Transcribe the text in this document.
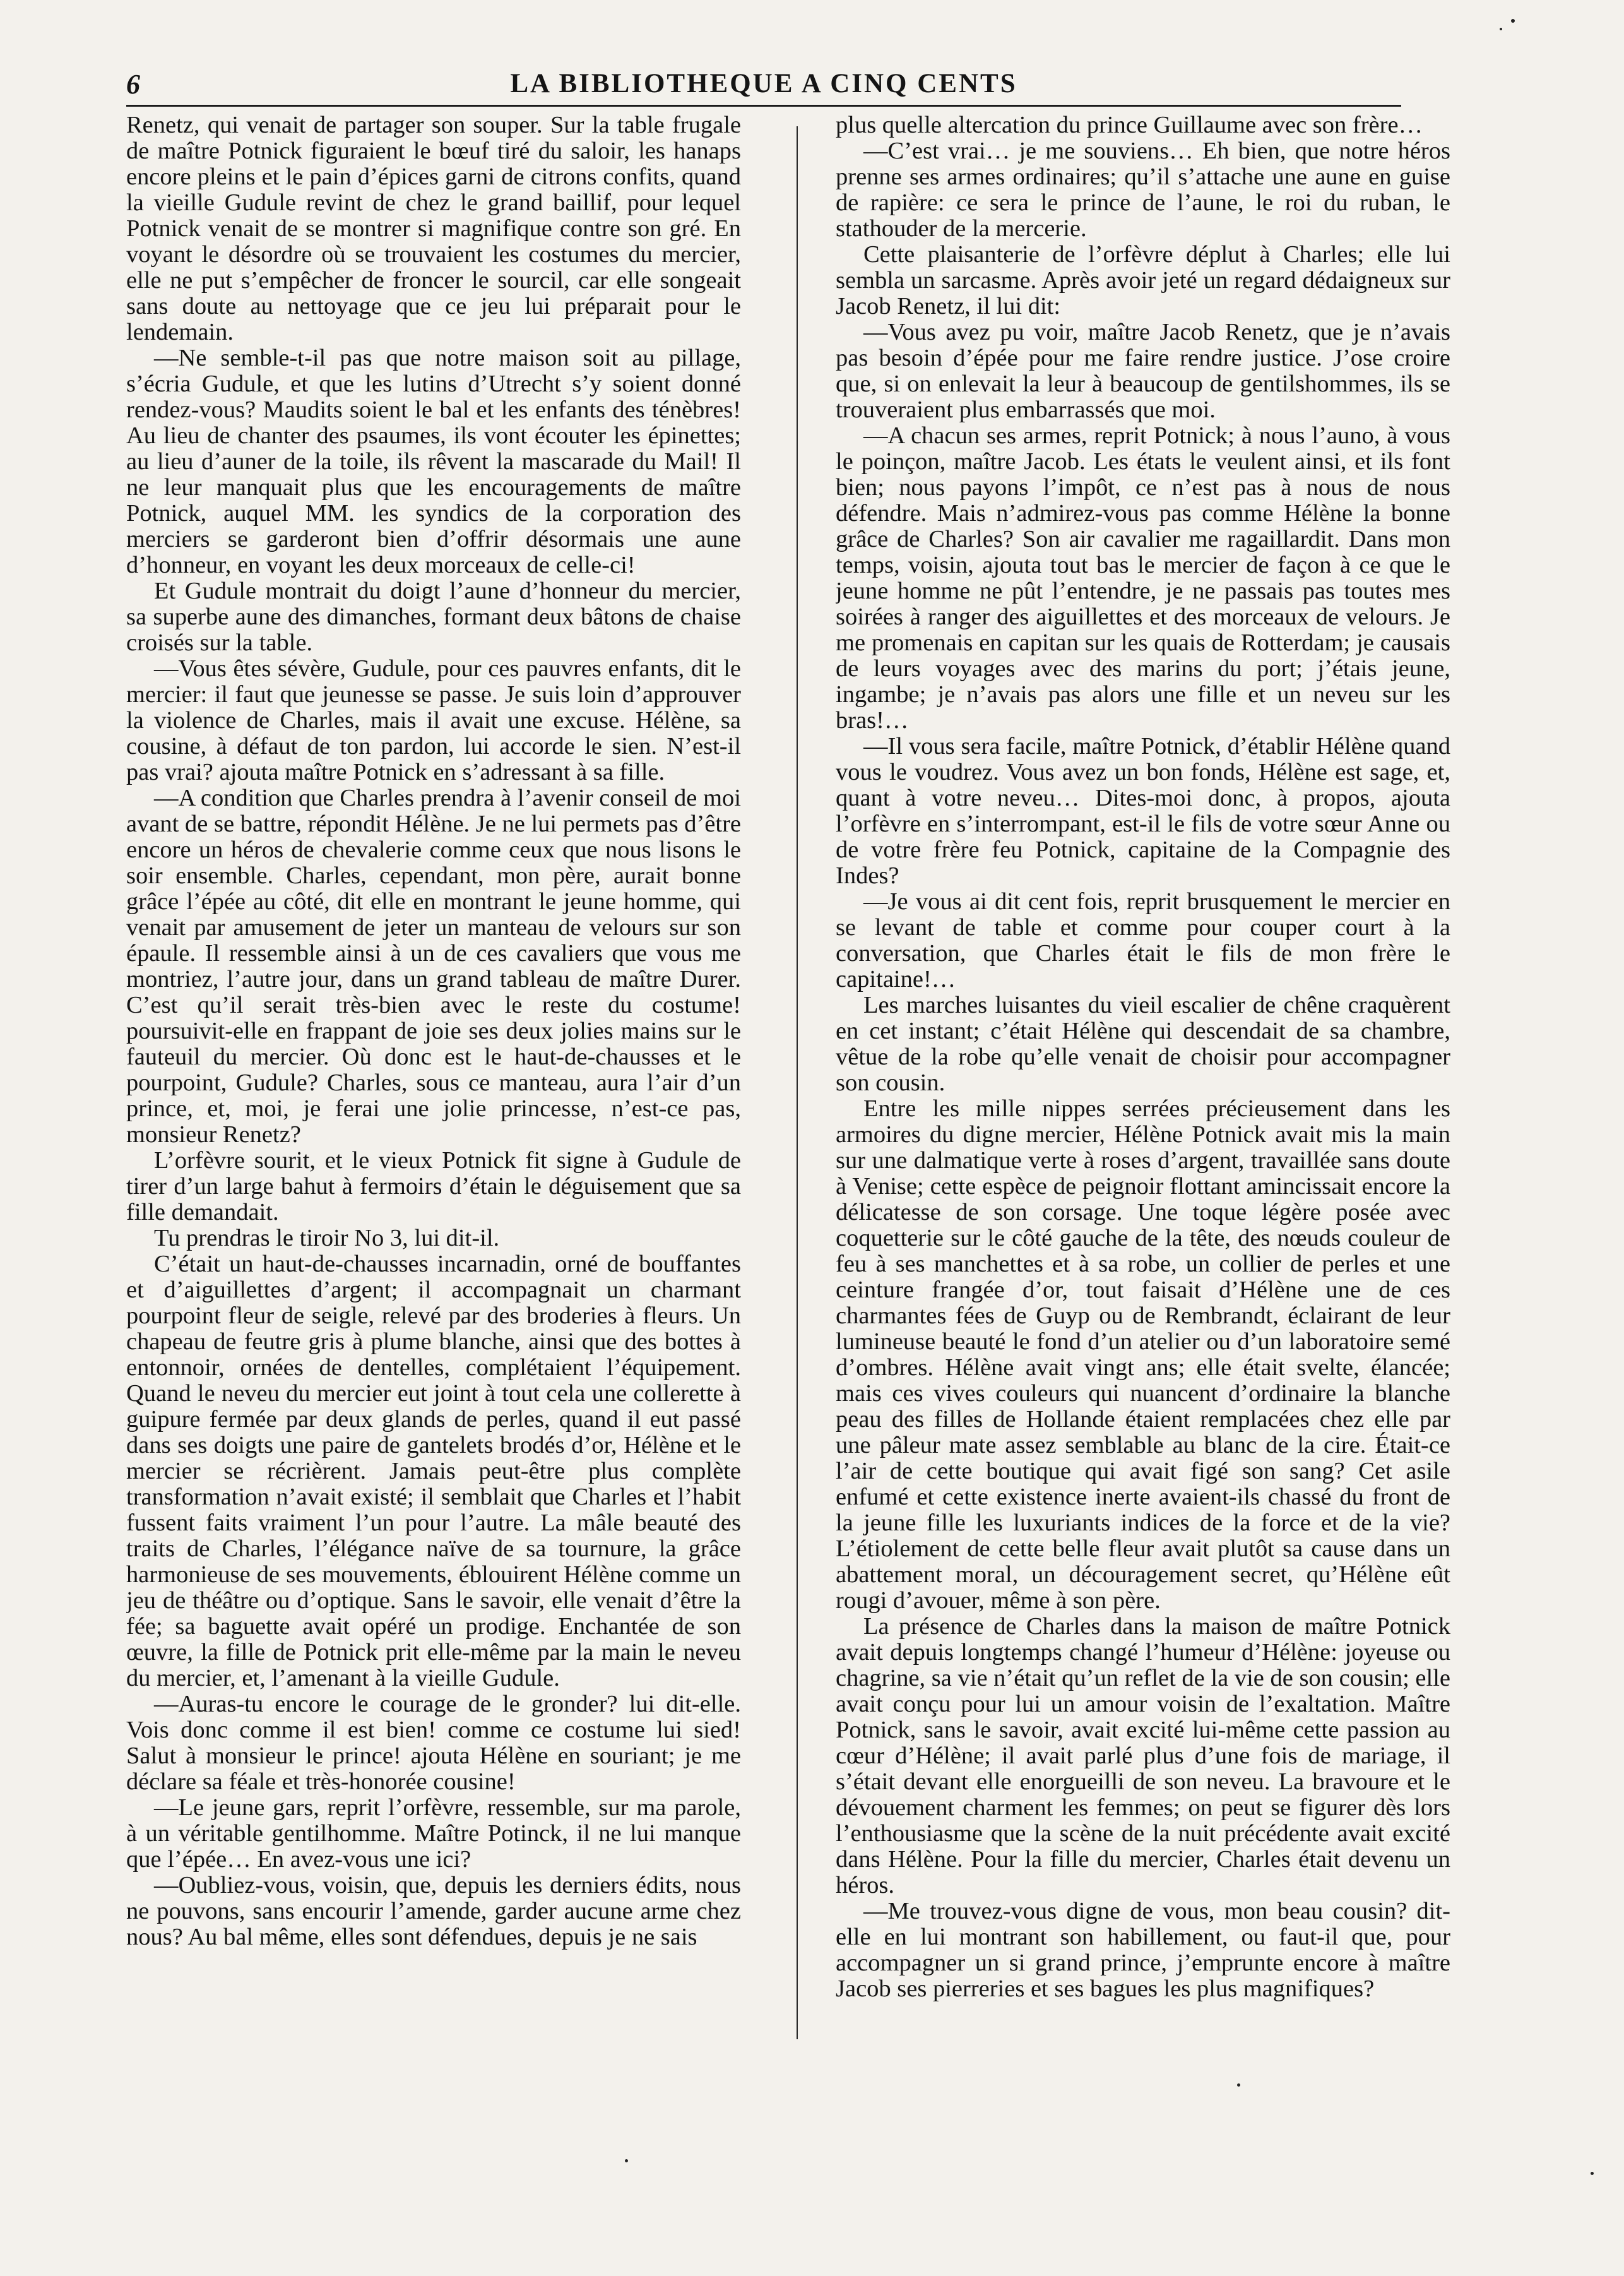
6	LA BIBLIOTHEQUE A CINQ CENTS

Renetz, qui venait de partager son souper. Sur la table frugale de maître Potnick figuraient le bœuf tiré du saloir, les hanaps encore pleins et le pain d’épices garni de citrons confits, quand la vieille Gudule revint de chez le grand baillif, pour lequel Potnick venait de se montrer si magnifique contre son gré. En voyant le désordre où se trouvaient les costumes du mercier, elle ne put s’empêcher de froncer le sourcil, car elle songeait sans doute au nettoyage que ce jeu lui préparait pour le lendemain.

—Ne semble-t-il pas que notre maison soit au pillage, s’écria Gudule, et que les lutins d’Utrecht s’y soient donné rendez-vous? Maudits soient le bal et les enfants des ténèbres! Au lieu de chanter des psaumes, ils vont écouter les épinettes; au lieu d’auner de la toile, ils rêvent la mascarade du Mail! Il ne leur manquait plus que les encouragements de maître Potnick, auquel MM. les syndics de la corporation des merciers se garderont bien d’offrir désormais une aune d’honneur, en voyant les deux morceaux de celle-ci!

Et Gudule montrait du doigt l’aune d’honneur du mercier, sa superbe aune des dimanches, formant deux bâtons de chaise croisés sur la table.

—Vous êtes sévère, Gudule, pour ces pauvres enfants, dit le mercier: il faut que jeunesse se passe. Je suis loin d’approuver la violence de Charles, mais il avait une excuse. Hélène, sa cousine, à défaut de ton pardon, lui accorde le sien. N’est-il pas vrai? ajouta maître Potnick en s’adressant à sa fille.

—A condition que Charles prendra à l’avenir conseil de moi avant de se battre, répondit Hélène. Je ne lui permets pas d’être encore un héros de chevalerie comme ceux que nous lisons le soir ensemble. Charles, cependant, mon père, aurait bonne grâce l’épée au côté, dit elle en montrant le jeune homme, qui venait par amusement de jeter un manteau de velours sur son épaule. Il ressemble ainsi à un de ces cavaliers que vous me montriez, l’autre jour, dans un grand tableau de maître Durer. C’est qu’il serait très-bien avec le reste du costume! poursuivit-elle en frappant de joie ses deux jolies mains sur le fauteuil du mercier. Où donc est le haut-de-chausses et le pourpoint, Gudule? Charles, sous ce manteau, aura l’air d’un prince, et, moi, je ferai une jolie princesse, n’est-ce pas, monsieur Renetz?

L’orfèvre sourit, et le vieux Potnick fit signe à Gudule de tirer d’un large bahut à fermoirs d’étain le déguisement que sa fille demandait.

Tu prendras le tiroir No 3, lui dit-il.

C’était un haut-de-chausses incarnadin, orné de bouffantes et d’aiguillettes d’argent; il accompagnait un charmant pourpoint fleur de seigle, relevé par des broderies à fleurs. Un chapeau de feutre gris à plume blanche, ainsi que des bottes à entonnoir, ornées de dentelles, complétaient l’équipement. Quand le neveu du mercier eut joint à tout cela une collerette à guipure fermée par deux glands de perles, quand il eut passé dans ses doigts une paire de gantelets brodés d’or, Hélène et le mercier se récrièrent. Jamais peut-être plus complète transformation n’avait existé; il semblait que Charles et l’habit fussent faits vraiment l’un pour l’autre. La mâle beauté des traits de Charles, l’élégance naïve de sa tournure, la grâce harmonieuse de ses mouvements, éblouirent Hélène comme un jeu de théâtre ou d’optique. Sans le savoir, elle venait d’être la fée; sa baguette avait opéré un prodige. Enchantée de son œuvre, la fille de Potnick prit elle-même par la main le neveu du mercier, et, l’amenant à la vieille Gudule.

—Auras-tu encore le courage de le gronder? lui dit-elle. Vois donc comme il est bien! comme ce costume lui sied! Salut à monsieur le prince! ajouta Hélène en souriant; je me déclare sa féale et très-honorée cousine!

—Le jeune gars, reprit l’orfèvre, ressemble, sur ma parole, à un véritable gentilhomme. Maître Potinck, il ne lui manque que l’épée… En avez-vous une ici?

—Oubliez-vous, voisin, que, depuis les derniers édits, nous ne pouvons, sans encourir l’amende, garder aucune arme chez nous? Au bal même, elles sont défendues, depuis je ne sais

plus quelle altercation du prince Guillaume avec son frère…

—C’est vrai… je me souviens… Eh bien, que notre héros prenne ses armes ordinaires; qu’il s’attache une aune en guise de rapière: ce sera le prince de l’aune, le roi du ruban, le stathouder de la mercerie.

Cette plaisanterie de l’orfèvre déplut à Charles; elle lui sembla un sarcasme. Après avoir jeté un regard dédaigneux sur Jacob Renetz, il lui dit:

—Vous avez pu voir, maître Jacob Renetz, que je n’avais pas besoin d’épée pour me faire rendre justice. J’ose croire que, si on enlevait la leur à beaucoup de gentilshommes, ils se trouveraient plus embarrassés que moi.

—A chacun ses armes, reprit Potnick; à nous l’auno, à vous le poinçon, maître Jacob. Les états le veulent ainsi, et ils font bien; nous payons l’impôt, ce n’est pas à nous de nous défendre. Mais n’admirez-vous pas comme Hélène la bonne grâce de Charles? Son air cavalier me ragaillardit. Dans mon temps, voisin, ajouta tout bas le mercier de façon à ce que le jeune homme ne pût l’entendre, je ne passais pas toutes mes soirées à ranger des aiguillettes et des morceaux de velours. Je me promenais en capitan sur les quais de Rotterdam; je causais de leurs voyages avec des marins du port; j’étais jeune, ingambe; je n’avais pas alors une fille et un neveu sur les bras!…

—Il vous sera facile, maître Potnick, d’établir Hélène quand vous le voudrez. Vous avez un bon fonds, Hélène est sage, et, quant à votre neveu… Dites-moi donc, à propos, ajouta l’orfèvre en s’interrompant, est-il le fils de votre sœur Anne ou de votre frère feu Potnick, capitaine de la Compagnie des Indes?

—Je vous ai dit cent fois, reprit brusquement le mercier en se levant de table et comme pour couper court à la conversation, que Charles était le fils de mon frère le capitaine!…

Les marches luisantes du vieil escalier de chêne craquèrent en cet instant; c’était Hélène qui descendait de sa chambre, vêtue de la robe qu’elle venait de choisir pour accompagner son cousin.

Entre les mille nippes serrées précieusement dans les armoires du digne mercier, Hélène Potnick avait mis la main sur une dalmatique verte à roses d’argent, travaillée sans doute à Venise; cette espèce de peignoir flottant amincissait encore la délicatesse de son corsage. Une toque légère posée avec coquetterie sur le côté gauche de la tête, des nœuds couleur de feu à ses manchettes et à sa robe, un collier de perles et une ceinture frangée d’or, tout faisait d’Hélène une de ces charmantes fées de Guyp ou de Rembrandt, éclairant de leur lumineuse beauté le fond d’un atelier ou d’un laboratoire semé d’ombres. Hélène avait vingt ans; elle était svelte, élancée; mais ces vives couleurs qui nuancent d’ordinaire la blanche peau des filles de Hollande étaient remplacées chez elle par une pâleur mate assez semblable au blanc de la cire. Était-ce l’air de cette boutique qui avait figé son sang? Cet asile enfumé et cette existence inerte avaient-ils chassé du front de la jeune fille les luxuriants indices de la force et de la vie? L’étiolement de cette belle fleur avait plutôt sa cause dans un abattement moral, un découragement secret, qu’Hélène eût rougi d’avouer, même à son père.

La présence de Charles dans la maison de maître Potnick avait depuis longtemps changé l’humeur d’Hélène: joyeuse ou chagrine, sa vie n’était qu’un reflet de la vie de son cousin; elle avait conçu pour lui un amour voisin de l’exaltation. Maître Potnick, sans le savoir, avait excité lui-même cette passion au cœur d’Hélène; il avait parlé plus d’une fois de mariage, il s’était devant elle enorgueilli de son neveu. La bravoure et le dévouement charment les femmes; on peut se figurer dès lors l’enthousiasme que la scène de la nuit précédente avait excité dans Hélène. Pour la fille du mercier, Charles était devenu un héros.

—Me trouvez-vous digne de vous, mon beau cousin? dit-elle en lui montrant son habillement, ou faut-il que, pour accompagner un si grand prince, j’emprunte encore à maître Jacob ses pierreries et ses bagues les plus magnifiques?
